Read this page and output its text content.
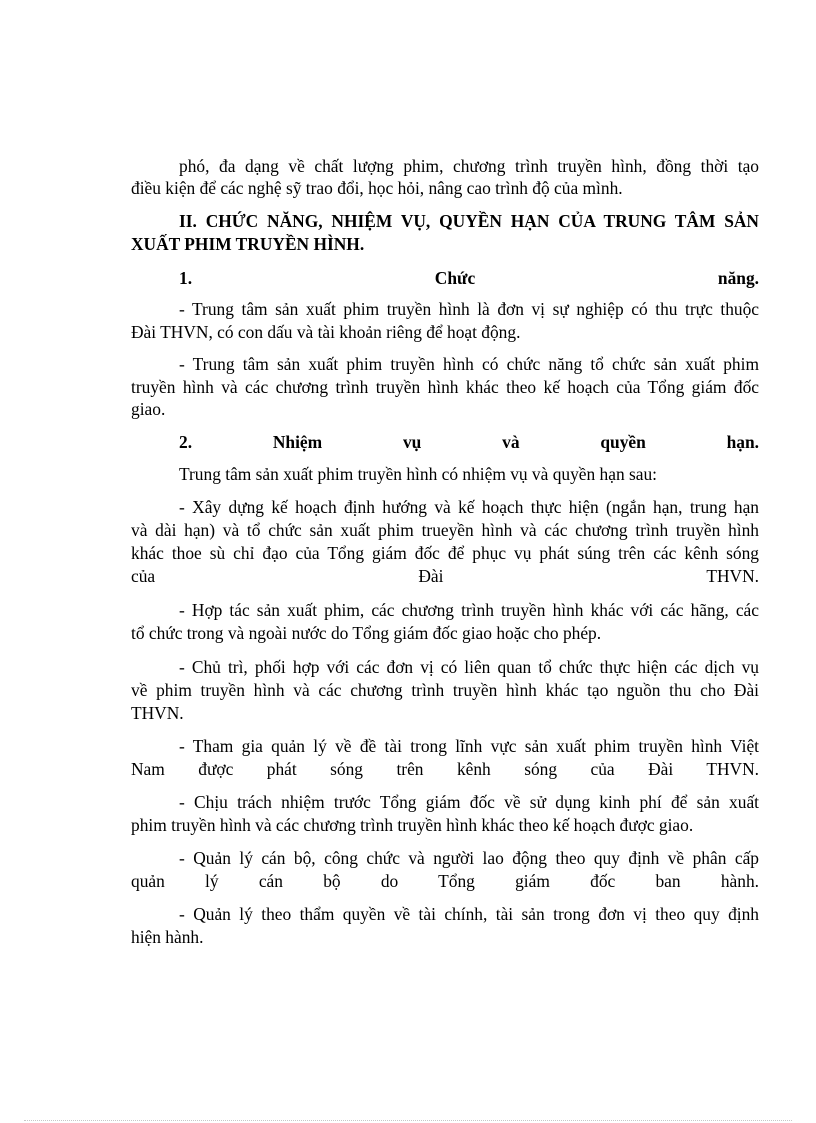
phó, đa dạng về chất lượng phim, chương trình truyền hình, đồng thời tạo
điều kiện để các nghệ sỹ trao đổi, học hỏi, nâng cao trình độ của mình.
II. CHỨC NĂNG, NHIỆM VỤ, QUYỀN HẠN CỦA TRUNG TÂM SẢN
XUẤT PHIM TRUYỀN HÌNH.
1. Chức năng.
- Trung tâm sản xuất phim truyền hình là đơn vị sự nghiệp có thu trực thuộc
Đài THVN, có con dấu và tài khoản riêng để hoạt động.
- Trung tâm sản xuất phim truyền hình có chức năng tổ chức sản xuất phim
truyền hình và các chương trình truyền hình khác theo kế hoạch của Tổng giám đốc
giao.
2. Nhiệm vụ và quyền hạn.
Trung tâm sản xuất phim truyền hình có nhiệm vụ và quyền hạn sau:
- Xây dựng kế hoạch định hướng và kế hoạch thực hiện (ngắn hạn, trung hạn
và dài hạn) và tổ chức sản xuất phim trueyền hình và các chương trình truyền hình
khác thoe sù chỉ đạo của Tổng giám đốc để phục vụ phát súng trên các kênh sóng
của Đài THVN.
- Hợp tác sản xuất phim, các chương trình truyền hình khác với các hãng, các
tổ chức trong và ngoài nước do Tổng giám đốc giao hoặc cho phép.
- Chủ trì, phối hợp với các đơn vị có liên quan tổ chức thực hiện các dịch vụ
về phim truyền hình và các chương trình truyền hình khác tạo nguồn thu cho Đài
THVN.
- Tham gia quản lý về đề tài trong lĩnh vực sản xuất phim truyền hình Việt
Nam được phát sóng trên kênh sóng của Đài THVN.
- Chịu trách nhiệm trước Tổng giám đốc về sử dụng kinh phí để sản xuất
phim truyền hình và các chương trình truyền hình khác theo kế hoạch được giao.
- Quản lý cán bộ, công chức và người lao động theo quy định về phân cấp
quản lý cán bộ do Tổng giám đốc ban hành.
- Quản lý theo thẩm quyền về tài chính, tài sản trong đơn vị theo quy định
hiện hành.
